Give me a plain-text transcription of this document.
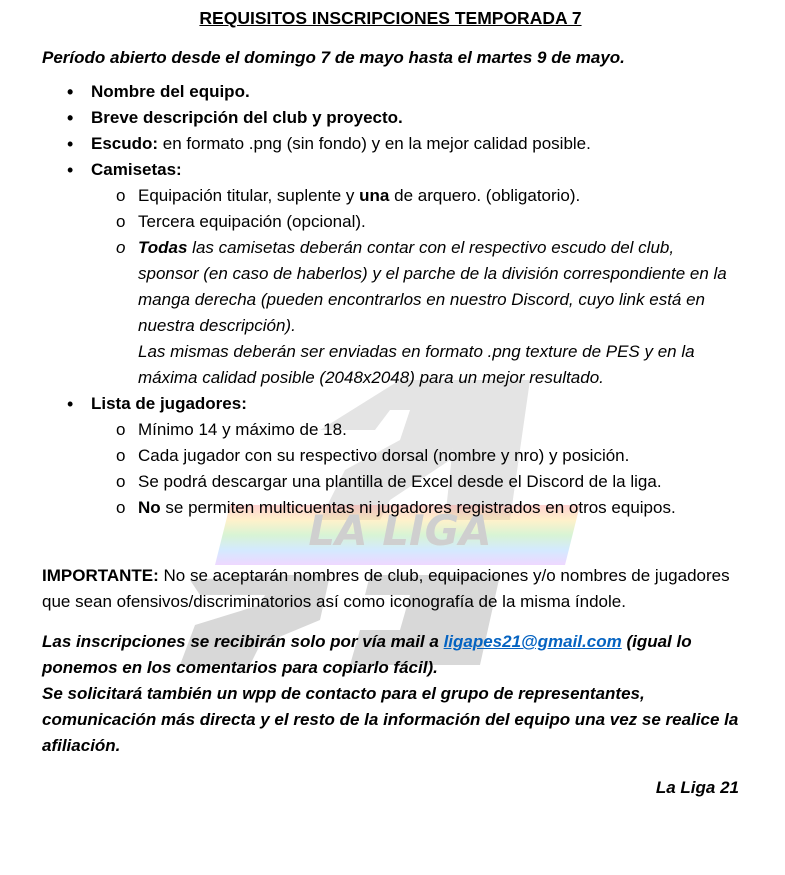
LA LIGA
REQUISITOS INSCRIPCIONES TEMPORADA 7

Período abierto desde el domingo 7 de mayo hasta el martes 9 de mayo.

• Nombre del equipo.
• Breve descripción del club y proyecto.
• Escudo: en formato .png (sin fondo) y en la mejor calidad posible.
• Camisetas:
o Equipación titular, suplente y una de arquero. (obligatorio).
o Tercera equipación (opcional).
o Todas las camisetas deberán contar con el respectivo escudo del club, sponsor (en caso de haberlos) y el parche de la división correspondiente en la manga derecha (pueden encontrarlos en nuestro Discord, cuyo link está en nuestra descripción).
Las mismas deberán ser enviadas en formato .png texture de PES y en la máxima calidad posible (2048x2048) para un mejor resultado.
• Lista de jugadores:
o Mínimo 14 y máximo de 18.
o Cada jugador con su respectivo dorsal (nombre y nro) y posición.
o Se podrá descargar una plantilla de Excel desde el Discord de la liga.
o No se permiten multicuentas ni jugadores registrados en otros equipos.

IMPORTANTE: No se aceptarán nombres de club, equipaciones y/o nombres de jugadores que sean ofensivos/discriminatorios así como iconografía de la misma índole.

Las inscripciones se recibirán solo por vía mail a ligapes21@gmail.com (igual lo ponemos en los comentarios para copiarlo fácil).

Se solicitará también un wpp de contacto para el grupo de representantes, comunicación más directa y el resto de la información del equipo una vez se realice la afiliación.

La Liga 21
